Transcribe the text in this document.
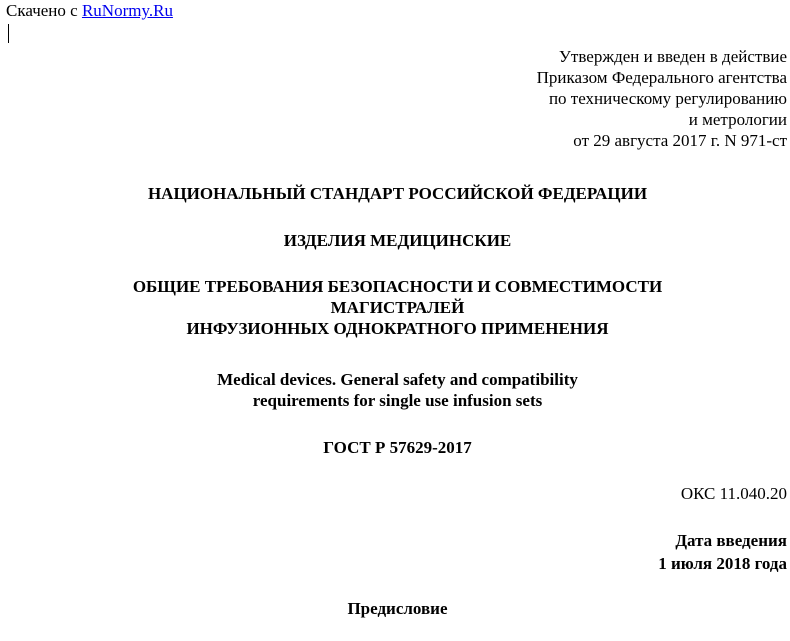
Скачено с RuNormy.Ru
Утвержден и введен в действие
Приказом Федерального агентства
по техническому регулированию
и метрологии
от 29 августа 2017 г. N 971-ст
НАЦИОНАЛЬНЫЙ СТАНДАРТ РОССИЙСКОЙ ФЕДЕРАЦИИ
ИЗДЕЛИЯ МЕДИЦИНСКИЕ
ОБЩИЕ ТРЕБОВАНИЯ БЕЗОПАСНОСТИ И СОВМЕСТИМОСТИ
МАГИСТРАЛЕЙ
ИНФУЗИОННЫХ ОДНОКРАТНОГО ПРИМЕНЕНИЯ
Medical devices. General safety and compatibility
requirements for single use infusion sets
ГОСТ Р 57629-2017
ОКС 11.040.20
Дата введения
1 июля 2018 года
Предисловие
